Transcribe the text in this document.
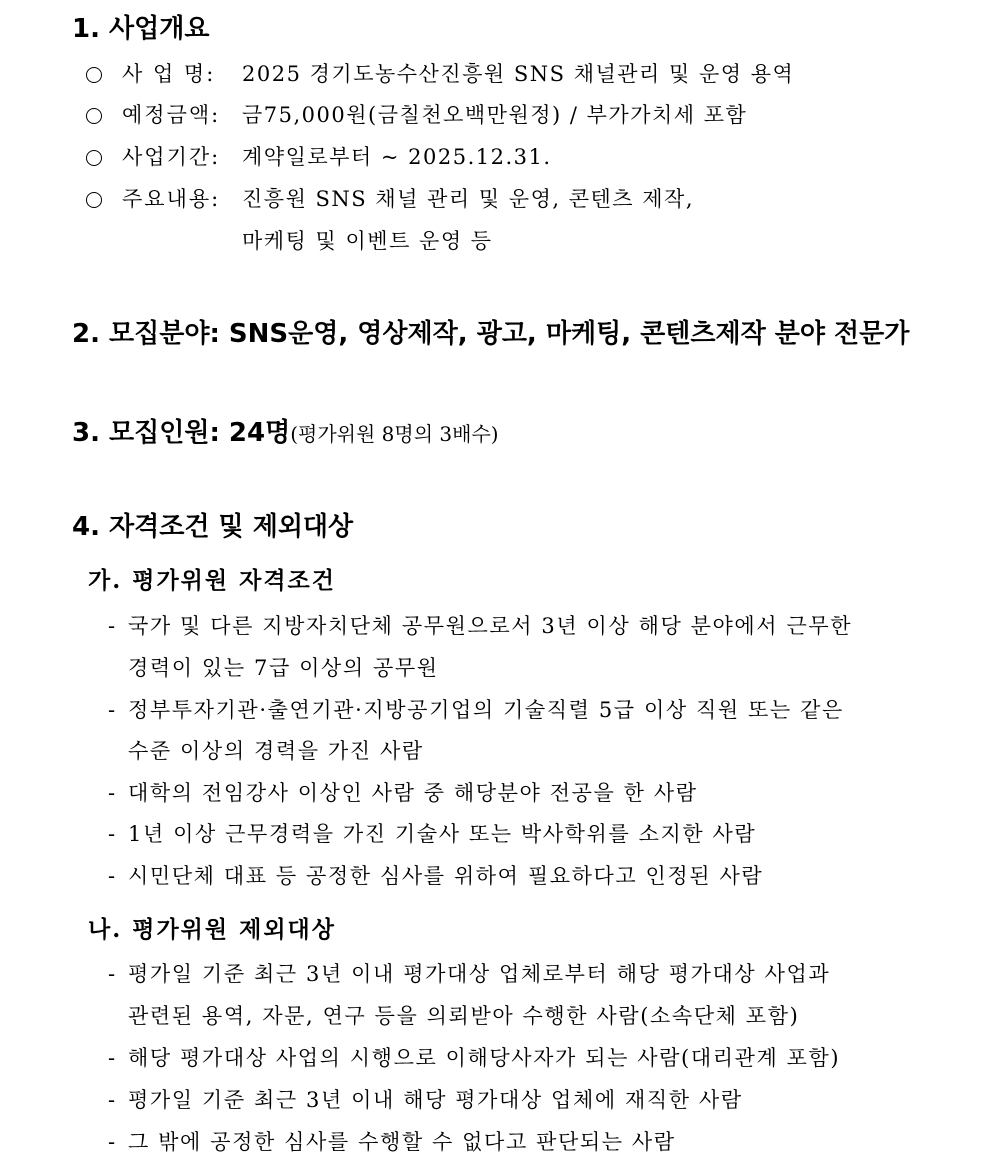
1. 사업개요
사 업 명: 2025 경기도농수산진흥원 SNS 채널관리 및 운영 용역
예정금액: 금75,000원(금칠천오백만원정) / 부가가치세 포함
사업기간: 계약일로부터 ~ 2025.12.31.
주요내용: 진흥원 SNS 채널 관리 및 운영, 콘텐츠 제작,
마케팅 및 이벤트 운영 등
2. 모집분야: SNS운영, 영상제작, 광고, 마케팅, 콘텐츠제작 분야 전문가
3. 모집인원: 24명(평가위원 8명의 3배수)
4. 자격조건 및 제외대상
가. 평가위원 자격조건
- 국가 및 다른 지방자치단체 공무원으로서 3년 이상 해당 분야에서 근무한
경력이 있는 7급 이상의 공무원
- 정부투자기관·출연기관·지방공기업의 기술직렬 5급 이상 직원 또는 같은
수준 이상의 경력을 가진 사람
- 대학의 전임강사 이상인 사람 중 해당분야 전공을 한 사람
- 1년 이상 근무경력을 가진 기술사 또는 박사학위를 소지한 사람
- 시민단체 대표 등 공정한 심사를 위하여 필요하다고 인정된 사람
나. 평가위원 제외대상
- 평가일 기준 최근 3년 이내 평가대상 업체로부터 해당 평가대상 사업과
관련된 용역, 자문, 연구 등을 의뢰받아 수행한 사람(소속단체 포함)
- 해당 평가대상 사업의 시행으로 이해당사자가 되는 사람(대리관계 포함)
- 평가일 기준 최근 3년 이내 해당 평가대상 업체에 재직한 사람
- 그 밖에 공정한 심사를 수행할 수 없다고 판단되는 사람
